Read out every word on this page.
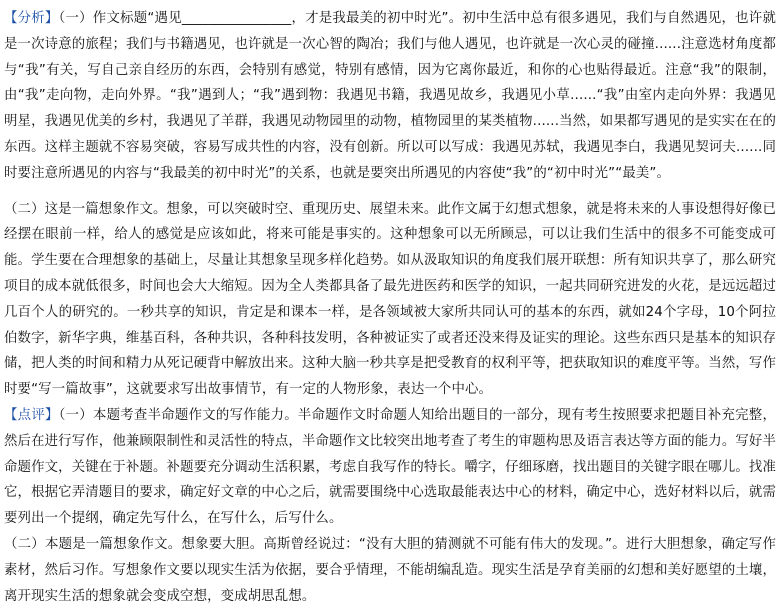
【分析】（一）作文标题“遇见________________，才是我最美的初中时光”。初中生活中总有很多遇见，我们与自然遇见，也许就是一次诗意的旅程；我们与书籍遇见，也许就是一次心智的陶冶；我们与他人遇见，也许就是一次心灵的碰撞......注意选材角度都与“我”有关，写自己亲自经历的东西，会特别有感觉，特别有感情，因为它离你最近，和你的心也贴得最近。注意“我”的限制，由“我”走向物，走向外界。“我”遇到人；“我”遇到物：我遇见书籍，我遇见故乡，我遇见小草......“我”由室内走向外界：我遇见明星，我遇见优美的乡村，我遇见了羊群，我遇见动物园里的动物，植物园里的某类植物......当然，如果都写遇见的是实实在在的东西。这样主题就不容易突破，容易写成共性的内容，没有创新。所以可以写成：我遇见苏轼，我遇见李白，我遇见契诃夫......同时要注意所遇见的内容与“我最美的初中时光”的关系，也就是要突出所遇见的内容使“我”的“初中时光”“最美”。

（二）这是一篇想象作文。想象，可以突破时空、重现历史、展望未来。此作文属于幻想式想象，就是将未来的人事设想得好像已经摆在眼前一样，给人的感觉是应该如此，将来可能是事实的。这种想象可以无所顾忌，可以让我们生活中的很多不可能变成可能。学生要在合理想象的基础上，尽量让其想象呈现多样化趋势。如从汲取知识的角度我们展开联想：所有知识共享了，那么研究项目的成本就低很多，时间也会大大缩短。因为全人类都具备了最先进医药和医学的知识，一起共同研究进发的火花，是远远超过几百个人的研究的。一秒共享的知识，肯定是和课本一样，是各领域被大家所共同认可的基本的东西，就如24个字母，10个阿拉伯数字，新华字典，维基百科，各种共识，各种科技发明，各种被证实了或者还没来得及证实的理论。这些东西只是基本的知识存储，把人类的时间和精力从死记硬背中解放出来。这种大脑一秒共享是把受教育的权利平等，把获取知识的难度平等。当然，写作时要“写一篇故事”，这就要求写出故事情节，有一定的人物形象，表达一个中心。

【点评】（一）本题考查半命题作文的写作能力。半命题作文时命题人知给出题目的一部分，现有考生按照要求把题目补充完整，然后在进行写作，他兼顾限制性和灵活性的特点，半命题作文比较突出地考查了考生的审题构思及语言表达等方面的能力。写好半命题作文，关键在于补题。补题要充分调动生活积累，考虑自我写作的特长。嚼字，仔细琢磨，找出题目的关键字眼在哪儿。找准它，根据它弄清题目的要求，确定好文章的中心之后，就需要围绕中心选取最能表达中心的材料，确定中心，选好材料以后，就需要列出一个提纲，确定先写什么，在写什么，后写什么。

（二）本题是一篇想象作文。想象要大胆。高斯曾经说过：“没有大胆的猜测就不可能有伟大的发现。”。进行大胆想象，确定写作素材，然后习作。写想象作文要以现实生活为依据，要合乎情理，不能胡编乱造。现实生活是孕育美丽的幻想和美好愿望的土壤，离开现实生活的想象就会变成空想，变成胡思乱想。
